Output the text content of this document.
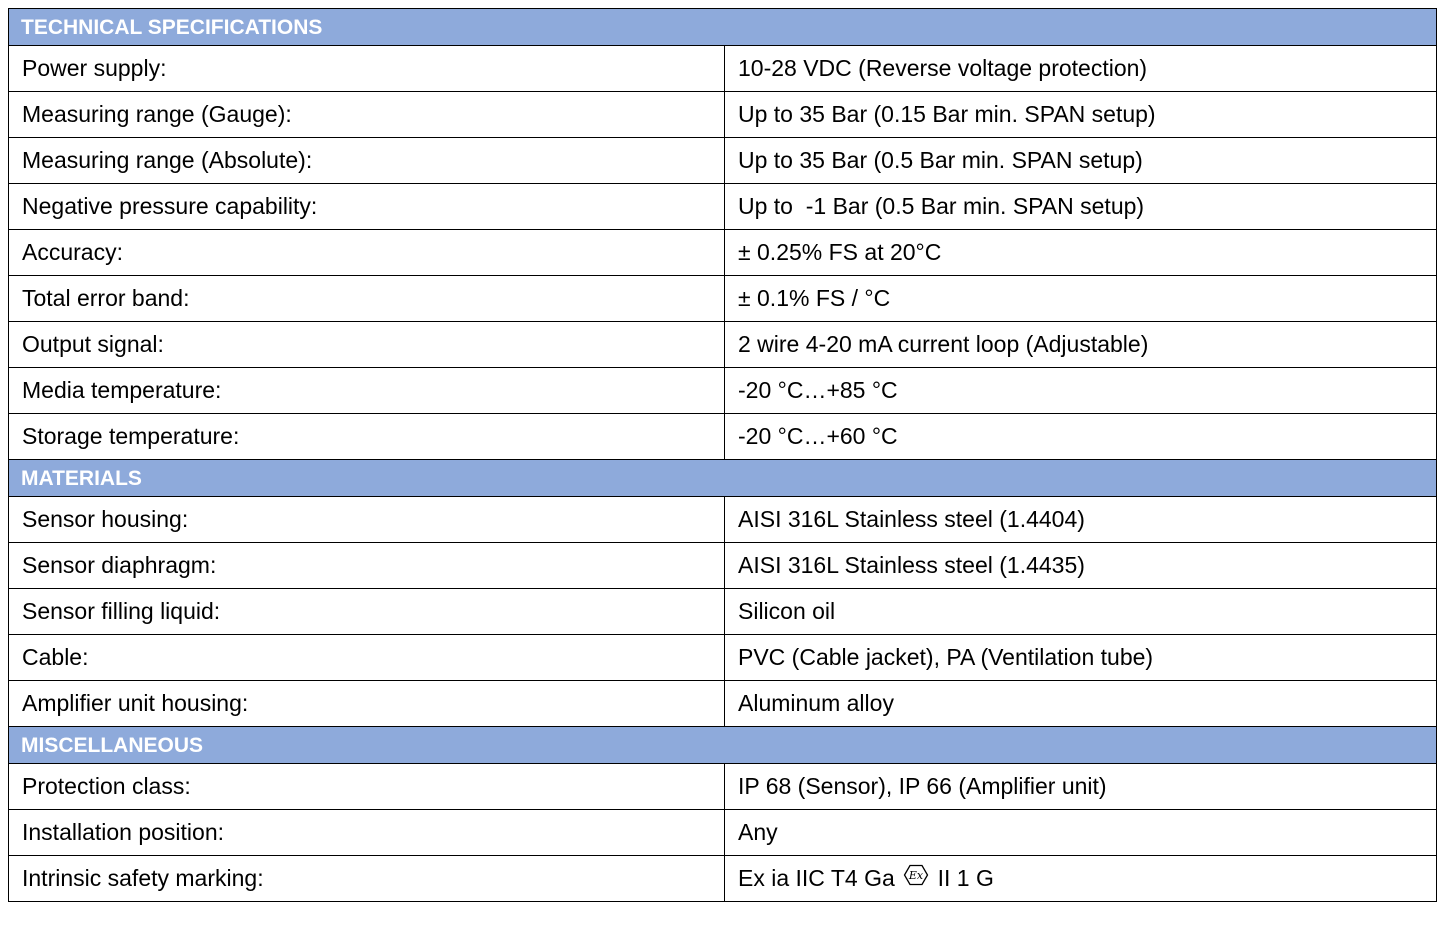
TECHNICAL SPECIFICATIONS	
Power supply:	10-28 VDC (Reverse voltage protection)
Measuring range (Gauge):	Up to 35 Bar (0.15 Bar min. SPAN setup)
Measuring range (Absolute):	Up to 35 Bar (0.5 Bar min. SPAN setup)
Negative pressure capability:	Up to  -1 Bar (0.5 Bar min. SPAN setup)
Accuracy:	± 0.25% FS at 20°C
Total error band:	± 0.1% FS / °C
Output signal:	2 wire 4-20 mA current loop (Adjustable)
Media temperature:	-20 °C…+85 °C
Storage temperature:	-20 °C…+60 °C
MATERIALS	
Sensor housing:	AISI 316L Stainless steel (1.4404)
Sensor diaphragm:	AISI 316L Stainless steel (1.4435)
Sensor filling liquid:	Silicon oil
Cable:	PVC (Cable jacket), PA (Ventilation tube)
Amplifier unit housing:	Aluminum alloy
MISCELLANEOUS	
Protection class:	IP 68 (Sensor), IP 66 (Amplifier unit)
Installation position:	Any
Intrinsic safety marking:	Ex ia IIC T4 Ga Ex II 1 G
